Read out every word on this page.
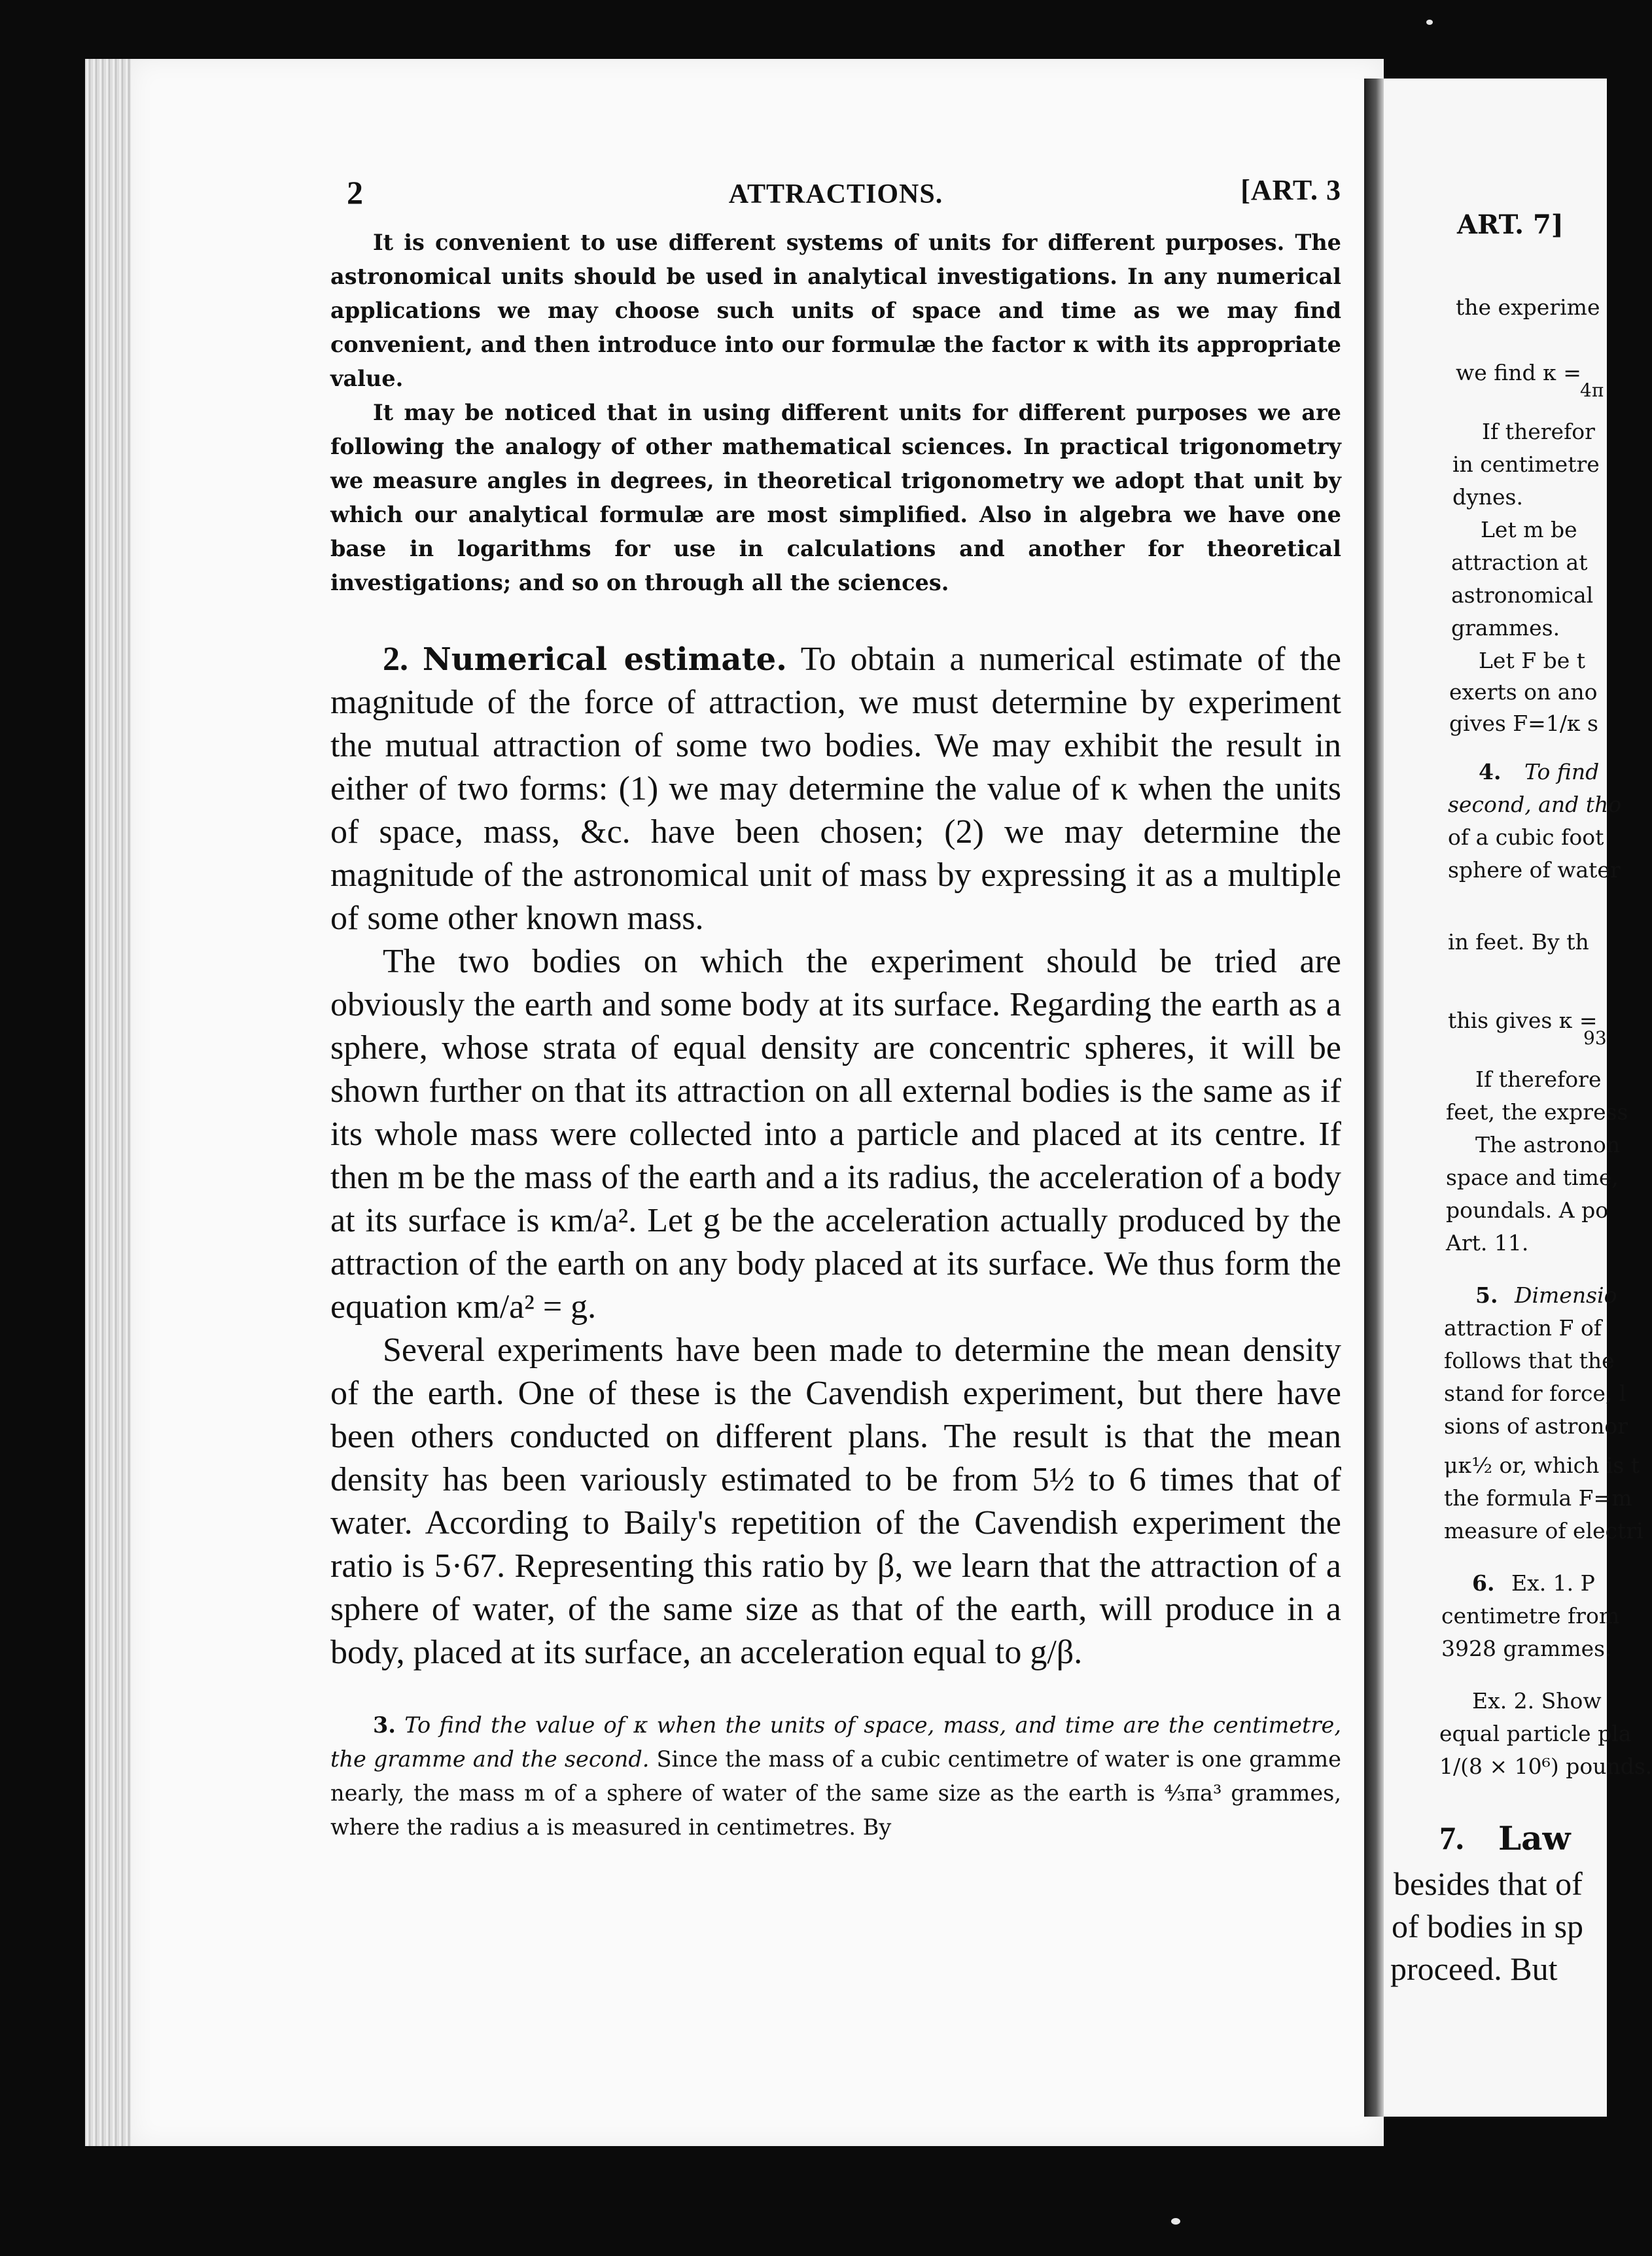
2	ATTRACTIONS.	[ART. 3

It is convenient to use different systems of units for different purposes. The astronomical units should be used in analytical investigations. In any numerical applications we may choose such units of space and time as we may find convenient, and then introduce into our formulæ the factor κ with its appropriate value.

It may be noticed that in using different units for different purposes we are following the analogy of other mathematical sciences. In practical trigonometry we measure angles in degrees, in theoretical trigonometry we adopt that unit by which our analytical formulæ are most simplified. Also in algebra we have one base in logarithms for use in calculations and another for theoretical investigations; and so on through all the sciences.

2. Numerical estimate. To obtain a numerical estimate of the magnitude of the force of attraction, we must determine by experiment the mutual attraction of some two bodies. We may exhibit the result in either of two forms: (1) we may determine the value of κ when the units of space, mass, &c. have been chosen; (2) we may determine the magnitude of the astronomical unit of mass by expressing it as a multiple of some other known mass.

The two bodies on which the experiment should be tried are obviously the earth and some body at its surface. Regarding the earth as a sphere, whose strata of equal density are concentric spheres, it will be shown further on that its attraction on all external bodies is the same as if its whole mass were collected into a particle and placed at its centre. If then m be the mass of the earth and a its radius, the acceleration of a body at its surface is κm/a². Let g be the acceleration actually produced by the attraction of the earth on any body placed at its surface. We thus form the equation κm/a² = g.

Several experiments have been made to determine the mean density of the earth. One of these is the Cavendish experiment, but there have been others conducted on different plans. The result is that the mean density has been variously estimated to be from 5½ to 6 times that of water. According to Baily's repetition of the Cavendish experiment the ratio is 5·67. Representing this ratio by β, we learn that the attraction of a sphere of water, of the same size as that of the earth, will produce in a body, placed at its surface, an acceleration equal to g/β.

3. To find the value of κ when the units of space, mass, and time are the centimetre, the gramme and the second. Since the mass of a cubic centimetre of water is one gramme nearly, the mass m of a sphere of water of the same size as the earth is ⁴⁄₃πa³ grammes, where the radius a is measured in centimetres. By

ART. 7]
the experime
we find κ =
4π
If therefor
in centimetre
dynes.
Let m be
attraction at
astronomical
grammes.
Let F be t
exerts on ano
gives F=1/κ s
4. To find
second, and tho
of a cubic foot
sphere of water
in feet. By th
this gives κ =
93
If therefore
feet, the express
The astronon
space and time,
poundals. A po
Art. 11.
5. Dimensio
attraction F of
follows that the
stand for force, l
sions of astronor
μκ½ or, which is t
the formula F=m
measure of electri
6. Ex. 1. P
centimetre from
3928 grammes.
Ex. 2. Show
equal particle pla
1/(8 × 10⁶) pounds.
7. Law
besides that of
of bodies in sp
proceed. But
